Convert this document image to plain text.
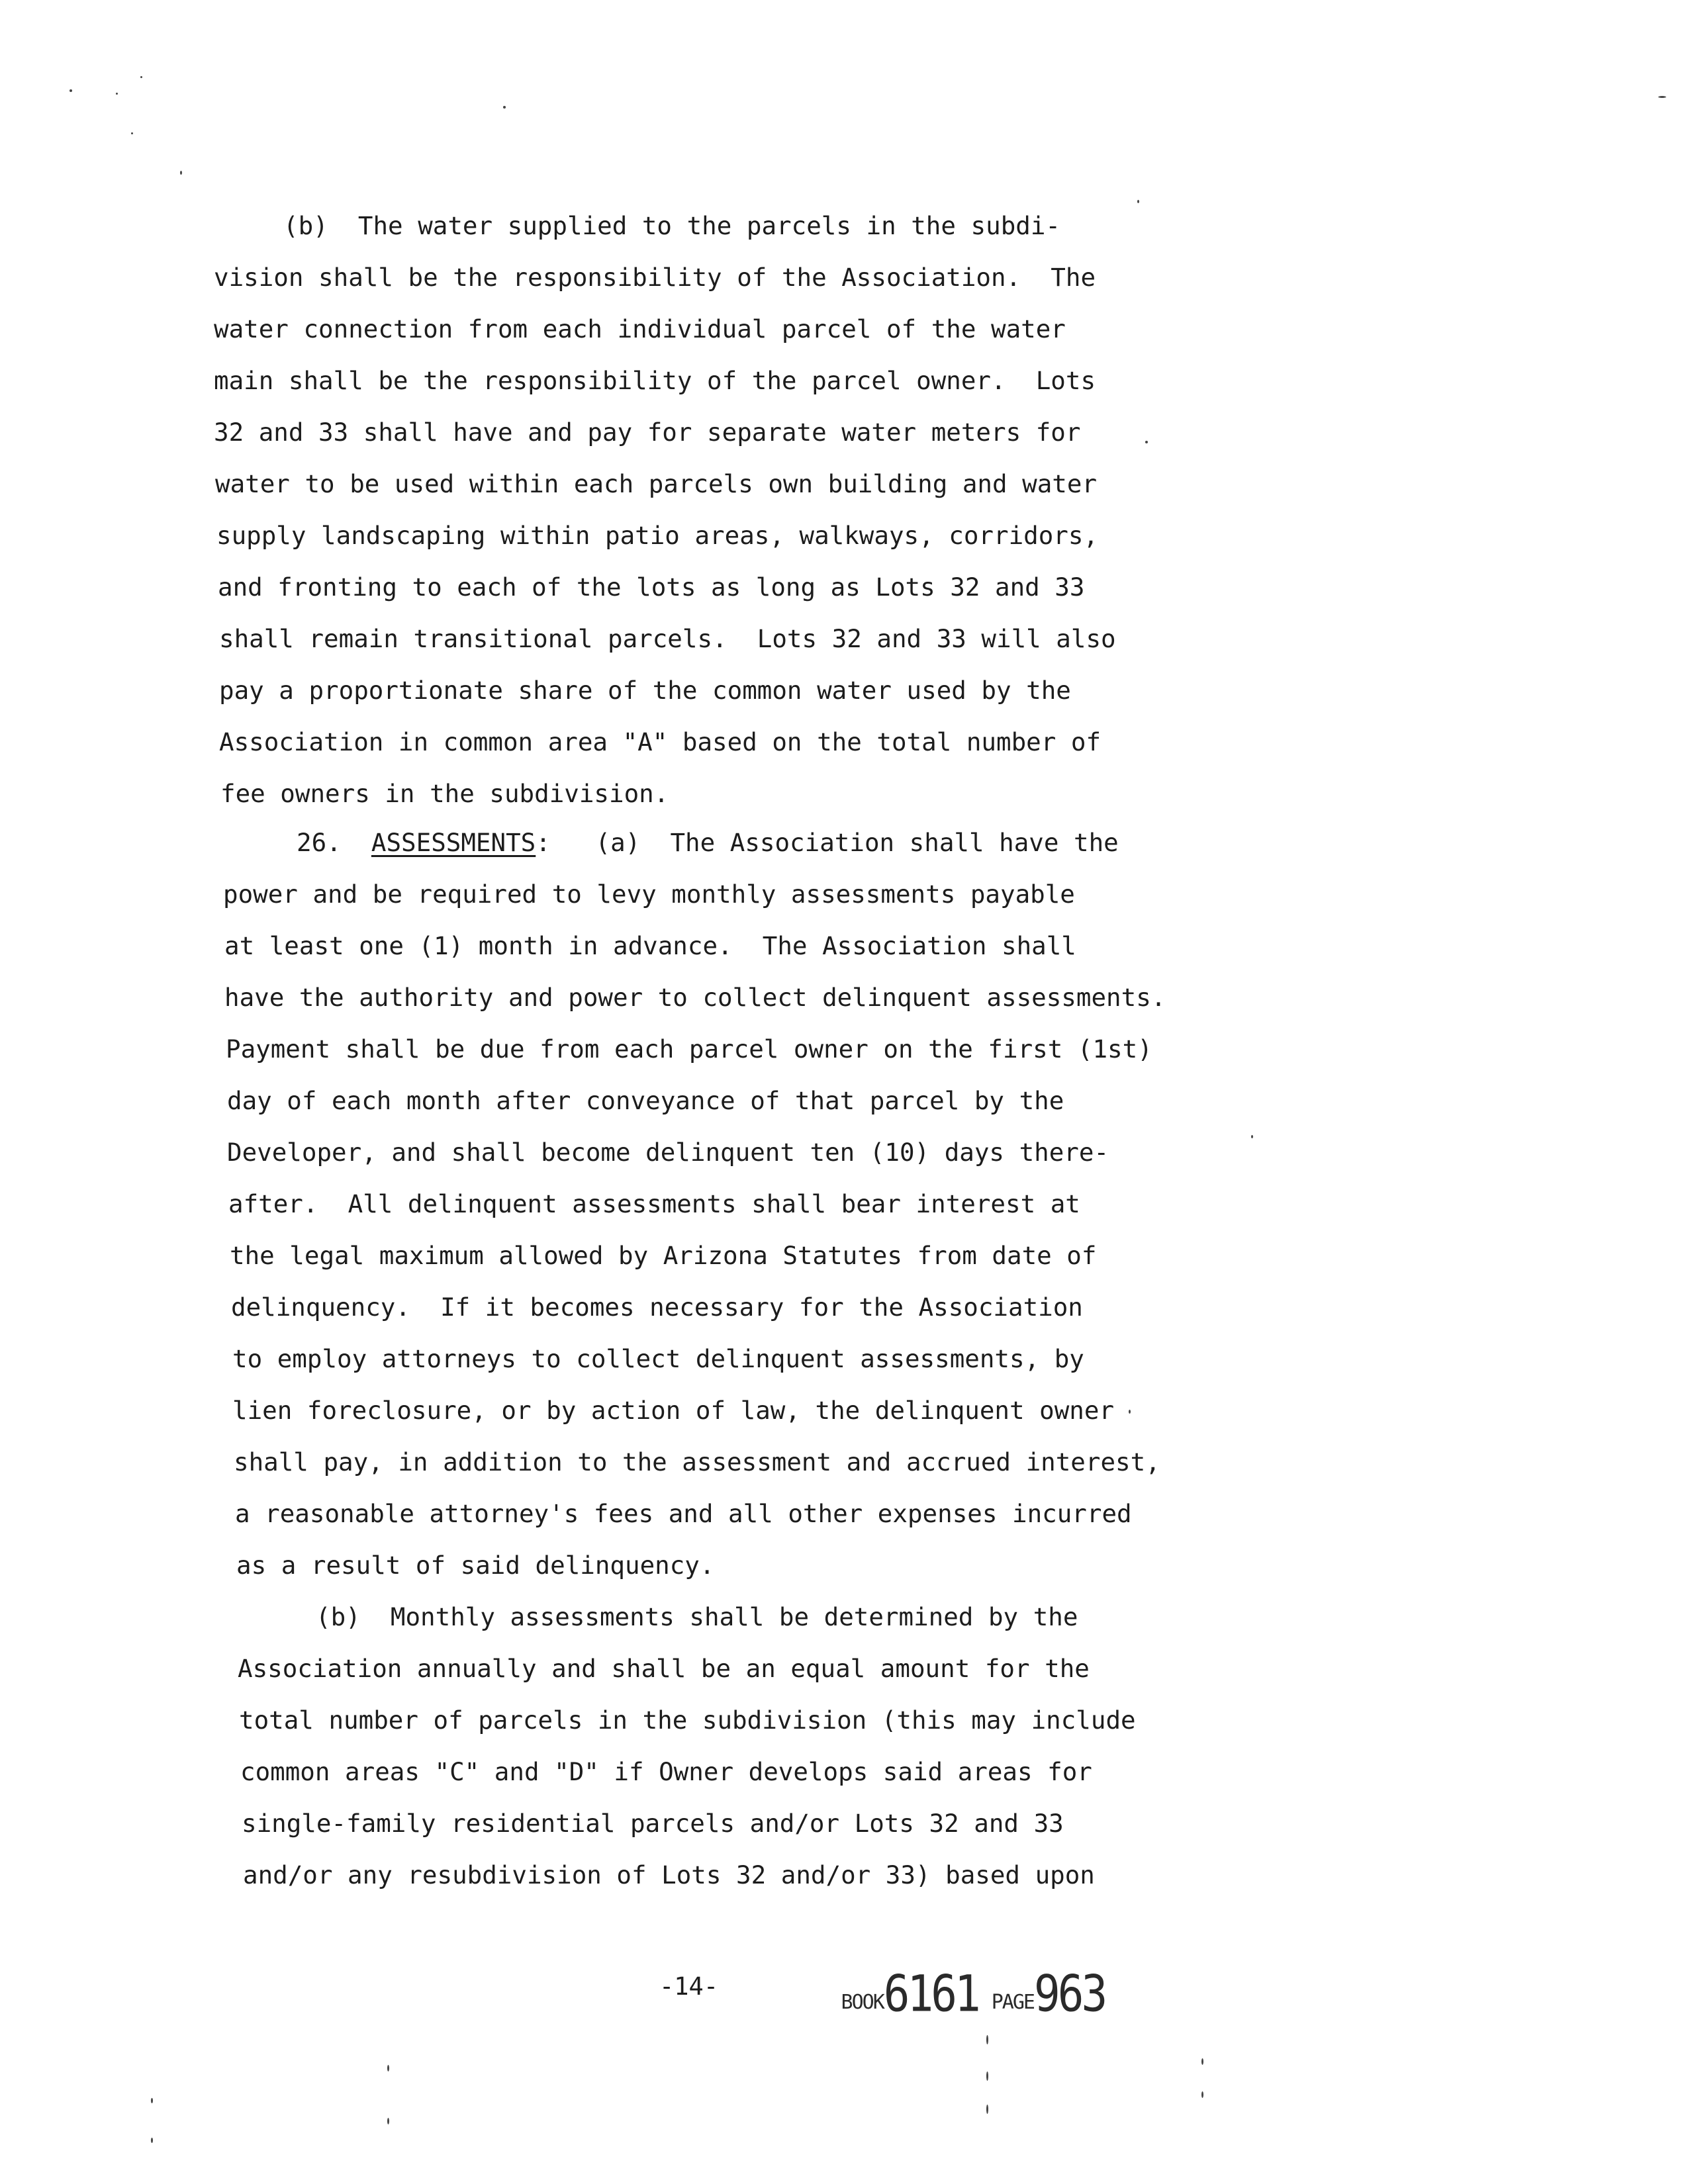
(b)  The water supplied to the parcels in the subdi-
vision shall be the responsibility of the Association.  The
water connection from each individual parcel of the water
main shall be the responsibility of the parcel owner.  Lots
32 and 33 shall have and pay for separate water meters for
water to be used within each parcels own building and water
supply landscaping within patio areas, walkways, corridors,
and fronting to each of the lots as long as Lots 32 and 33
shall remain transitional parcels.  Lots 32 and 33 will also
pay a proportionate share of the common water used by the
Association in common area "A" based on the total number of
fee owners in the subdivision.
26.  ASSESSMENTS:   (a)  The Association shall have the
power and be required to levy monthly assessments payable
at least one (1) month in advance.  The Association shall
have the authority and power to collect delinquent assessments.
Payment shall be due from each parcel owner on the first (1st)
day of each month after conveyance of that parcel by the
Developer, and shall become delinquent ten (10) days there-
after.  All delinquent assessments shall bear interest at
the legal maximum allowed by Arizona Statutes from date of
delinquency.  If it becomes necessary for the Association
to employ attorneys to collect delinquent assessments, by
lien foreclosure, or by action of law, the delinquent owner
shall pay, in addition to the assessment and accrued interest,
a reasonable attorney's fees and all other expenses incurred
as a result of said delinquency.
(b)  Monthly assessments shall be determined by the
Association annually and shall be an equal amount for the
total number of parcels in the subdivision (this may include
common areas "C" and "D" if Owner develops said areas for
single-family residential parcels and/or Lots 32 and 33
and/or any resubdivision of Lots 32 and/or 33) based upon
-14-

BOOK6161 PAGE963
